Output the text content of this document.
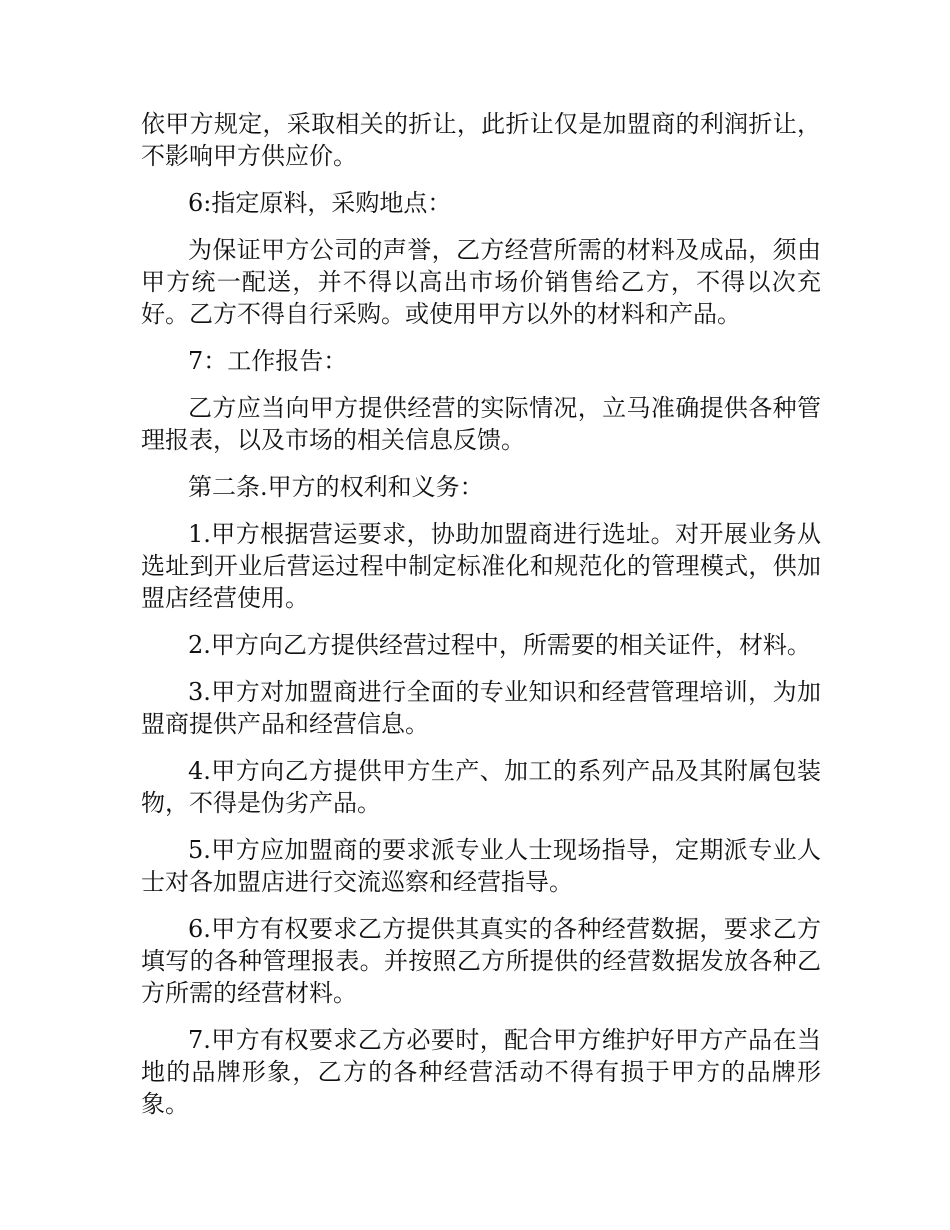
依甲方规定，采取相关的折让，此折让仅是加盟商的利润折让，不影响甲方供应价。

6:指定原料，采购地点：

为保证甲方公司的声誉，乙方经营所需的材料及成品，须由甲方统一配送，并不得以高出市场价销售给乙方，不得以次充好。乙方不得自行采购。或使用甲方以外的材料和产品。

7：工作报告：

乙方应当向甲方提供经营的实际情况，立马准确提供各种管理报表，以及市场的相关信息反馈。

第二条.甲方的权利和义务：

1.甲方根据营运要求，协助加盟商进行选址。对开展业务从选址到开业后营运过程中制定标准化和规范化的管理模式，供加盟店经营使用。

2.甲方向乙方提供经营过程中，所需要的相关证件，材料。

3.甲方对加盟商进行全面的专业知识和经营管理培训，为加盟商提供产品和经营信息。

4.甲方向乙方提供甲方生产、加工的系列产品及其附属包装物，不得是伪劣产品。

5.甲方应加盟商的要求派专业人士现场指导，定期派专业人士对各加盟店进行交流巡察和经营指导。

6.甲方有权要求乙方提供其真实的各种经营数据，要求乙方填写的各种管理报表。并按照乙方所提供的经营数据发放各种乙方所需的经营材料。

7.甲方有权要求乙方必要时，配合甲方维护好甲方产品在当地的品牌形象，乙方的各种经营活动不得有损于甲方的品牌形象。
